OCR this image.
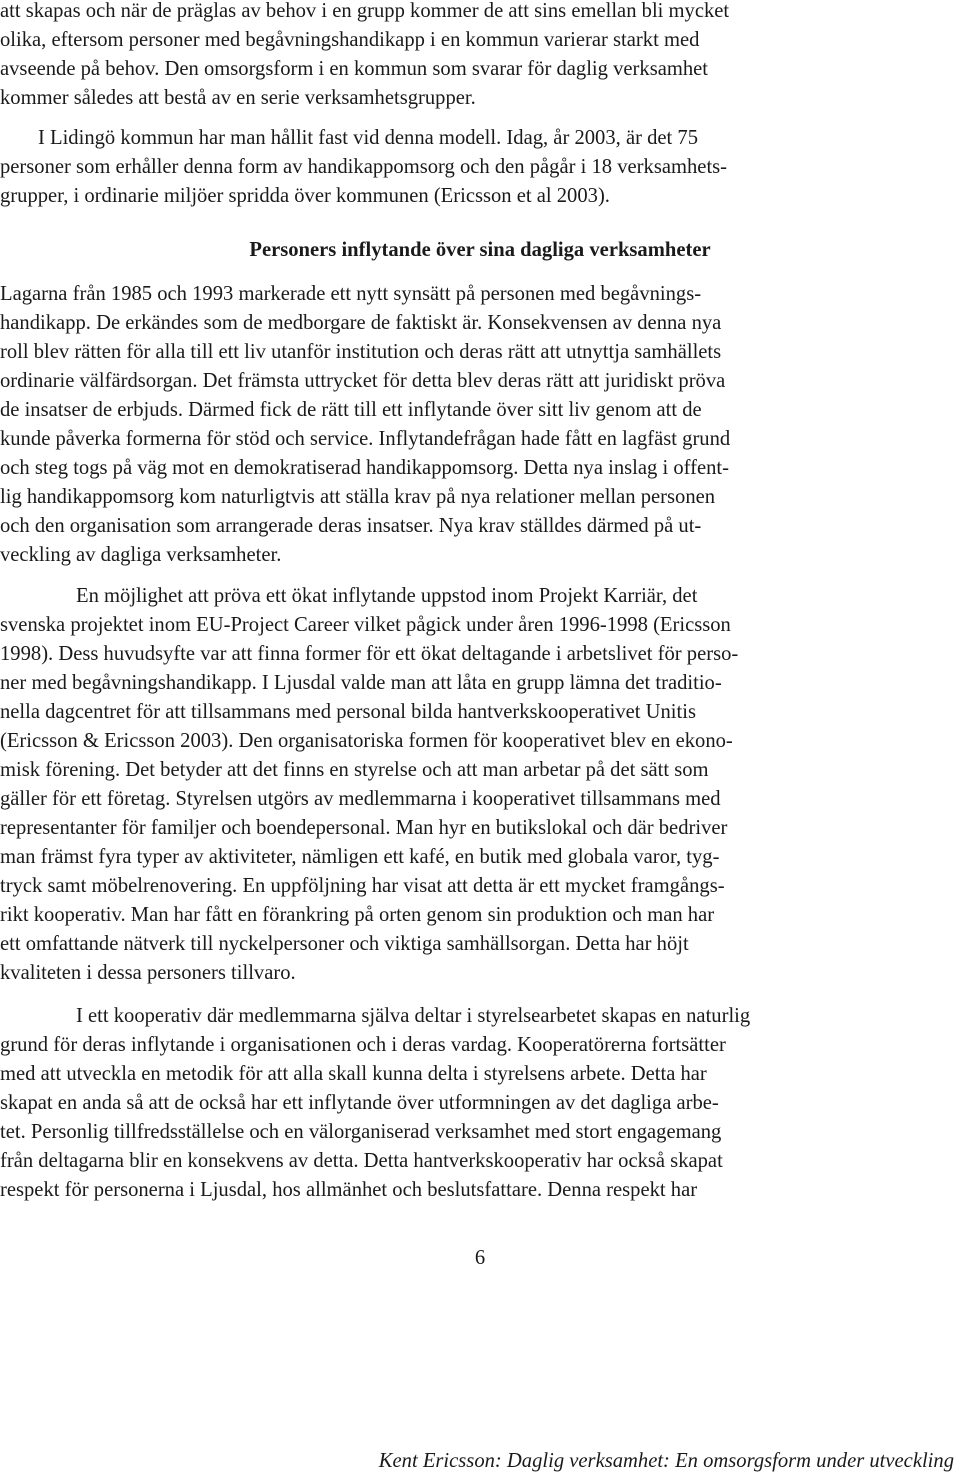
att skapas och när de präglas av behov i en grupp kommer de att sins emellan bli mycket
olika, eftersom personer med begåvningshandikapp i en kommun varierar starkt med
avseende på behov. Den omsorgsform i en kommun som svarar för daglig verksamhet
kommer således att bestå av en serie verksamhetsgrupper.
I Lidingö kommun har man hållit fast vid denna modell. Idag, år 2003, är det 75
personer som erhåller denna form av handikappomsorg och den pågår i 18 verksamhets-
grupper, i ordinarie miljöer spridda över kommunen (Ericsson et al 2003).
Personers inflytande över sina dagliga verksamheter
Lagarna från 1985 och 1993 markerade ett nytt synsätt på personen med begåvnings-
handikapp. De erkändes som de medborgare de faktiskt är. Konsekvensen av denna nya
roll blev rätten för alla till ett liv utanför institution och deras rätt att utnyttja samhällets
ordinarie välfärdsorgan. Det främsta uttrycket för detta blev deras rätt att juridiskt pröva
de insatser de erbjuds. Därmed fick de rätt till ett inflytande över sitt liv genom att de
kunde påverka formerna för stöd och service. Inflytandefrågan hade fått en lagfäst grund
och steg togs på väg mot en demokratiserad handikappomsorg. Detta nya inslag i offent-
lig handikappomsorg kom naturligtvis att ställa krav på nya relationer mellan personen
och den organisation som arrangerade deras insatser. Nya krav ställdes därmed på ut-
veckling av dagliga verksamheter.
En möjlighet att pröva ett ökat inflytande uppstod inom Projekt Karriär, det
svenska projektet inom EU-Project Career vilket pågick under åren 1996-1998 (Ericsson
1998). Dess huvudsyfte var att finna former för ett ökat deltagande i arbetslivet för perso-
ner med begåvningshandikapp. I Ljusdal valde man att låta en grupp lämna det traditio-
nella dagcentret för att tillsammans med personal bilda hantverkskooperativet Unitis
(Ericsson & Ericsson 2003). Den organisatoriska formen för kooperativet blev en ekono-
misk förening. Det betyder att det finns en styrelse och att man arbetar på det sätt som
gäller för ett företag. Styrelsen utgörs av medlemmarna i kooperativet tillsammans med
representanter för familjer och boendepersonal. Man hyr en butikslokal och där bedriver
man främst fyra typer av aktiviteter, nämligen ett kafé, en butik med globala varor, tyg-
tryck samt möbelrenovering. En uppföljning har visat att detta är ett mycket framgångs-
rikt kooperativ. Man har fått en förankring på orten genom sin produktion och man har
ett omfattande nätverk till nyckelpersoner och viktiga samhällsorgan. Detta har höjt
kvaliteten i dessa personers tillvaro.
I ett kooperativ där medlemmarna själva deltar i styrelsearbetet skapas en naturlig
grund för deras inflytande i organisationen och i deras vardag. Kooperatörerna fortsätter
med att utveckla en metodik för att alla skall kunna delta i styrelsens arbete. Detta har
skapat en anda så att de också har ett inflytande över utformningen av det dagliga arbe-
tet. Personlig tillfredsställelse och en välorganiserad verksamhet med stort engagemang
från deltagarna blir en konsekvens av detta. Detta hantverkskooperativ har också skapat
respekt för personerna i Ljusdal, hos allmänhet och beslutsfattare. Denna respekt har
6
Kent Ericsson: Daglig verksamhet: En omsorgsform under utveckling
